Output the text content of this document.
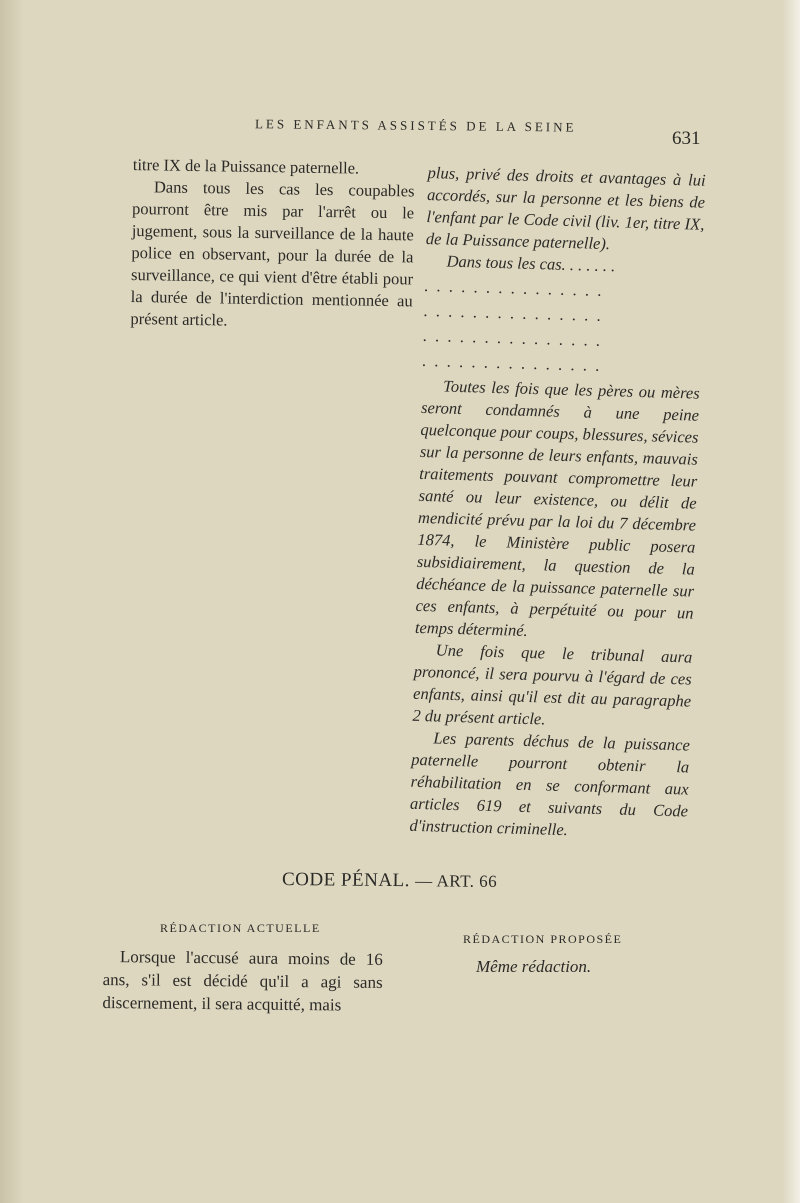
LES ENFANTS ASSISTÉS DE LA SEINE
631

titre IX de la Puissance paternelle.

Dans tous les cas les coupables pourront être mis par l'arrêt ou le jugement, sous la surveillance de la haute police en observant, pour la durée de la surveillance, ce qui vient d'être établi pour la durée de l'interdiction mentionnée au présent article.

plus, privé des droits et avantages à lui accordés, sur la personne et les biens de l'enfant par le Code civil (liv. 1er, titre IX, de la Puissance paternelle).

Dans tous les cas. . . . . . .

.  .  .  .  .  .  .  .  .  .  .  .  .  .  .

.  .  .  .  .  .  .  .  .  .  .  .  .  .  .

.  .  .  .  .  .  .  .  .  .  .  .  .  .  .

.  .  .  .  .  .  .  .  .  .  .  .  .  .  .

Toutes les fois que les pères ou mères seront condamnés à une peine quelconque pour coups, blessures, sévices sur la personne de leurs enfants, mauvais traitements pouvant compromettre leur santé ou leur existence, ou délit de mendicité prévu par la loi du 7 décembre 1874, le Ministère public posera subsidiairement, la question de la déchéance de la puissance paternelle sur ces enfants, à perpétuité ou pour un temps déterminé.

Une fois que le tribunal aura prononcé, il sera pourvu à l'égard de ces enfants, ainsi qu'il est dit au paragraphe 2 du présent article.

Les parents déchus de la puissance paternelle pourront obtenir la réhabilitation en se conformant aux articles 619 et suivants du Code d'instruction criminelle.

CODE PÉNAL. — ART. 66
RÉDACTION ACTUELLE
RÉDACTION PROPOSÉE

Lorsque l'accusé aura moins de 16 ans, s'il est décidé qu'il a agi sans discernement, il sera acquitté, mais

Même rédaction.
